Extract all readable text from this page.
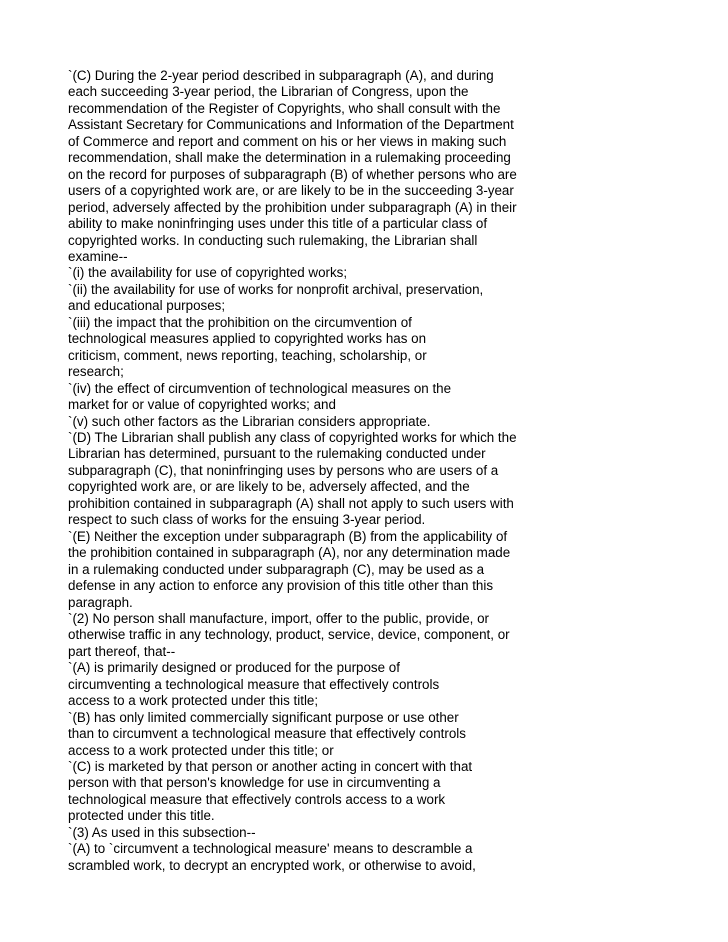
`(C) During the 2-year period described in subparagraph (A), and during
each succeeding 3-year period, the Librarian of Congress, upon the
recommendation of the Register of Copyrights, who shall consult with the
Assistant Secretary for Communications and Information of the Department
of Commerce and report and comment on his or her views in making such
recommendation, shall make the determination in a rulemaking proceeding
on the record for purposes of subparagraph (B) of whether persons who are
users of a copyrighted work are, or are likely to be in the succeeding 3-year
period, adversely affected by the prohibition under subparagraph (A) in their
ability to make noninfringing uses under this title of a particular class of
copyrighted works. In conducting such rulemaking, the Librarian shall
examine--
`(i) the availability for use of copyrighted works;
`(ii) the availability for use of works for nonprofit archival, preservation,
and educational purposes;
`(iii) the impact that the prohibition on the circumvention of
technological measures applied to copyrighted works has on
criticism, comment, news reporting, teaching, scholarship, or
research;
`(iv) the effect of circumvention of technological measures on the
market for or value of copyrighted works; and
`(v) such other factors as the Librarian considers appropriate.
`(D) The Librarian shall publish any class of copyrighted works for which the
Librarian has determined, pursuant to the rulemaking conducted under
subparagraph (C), that noninfringing uses by persons who are users of a
copyrighted work are, or are likely to be, adversely affected, and the
prohibition contained in subparagraph (A) shall not apply to such users with
respect to such class of works for the ensuing 3-year period.
`(E) Neither the exception under subparagraph (B) from the applicability of
the prohibition contained in subparagraph (A), nor any determination made
in a rulemaking conducted under subparagraph (C), may be used as a
defense in any action to enforce any provision of this title other than this
paragraph.
`(2) No person shall manufacture, import, offer to the public, provide, or
otherwise traffic in any technology, product, service, device, component, or
part thereof, that--
`(A) is primarily designed or produced for the purpose of
circumventing a technological measure that effectively controls
access to a work protected under this title;
`(B) has only limited commercially significant purpose or use other
than to circumvent a technological measure that effectively controls
access to a work protected under this title; or
`(C) is marketed by that person or another acting in concert with that
person with that person's knowledge for use in circumventing a
technological measure that effectively controls access to a work
protected under this title.
`(3) As used in this subsection--
`(A) to `circumvent a technological measure' means to descramble a
scrambled work, to decrypt an encrypted work, or otherwise to avoid,
